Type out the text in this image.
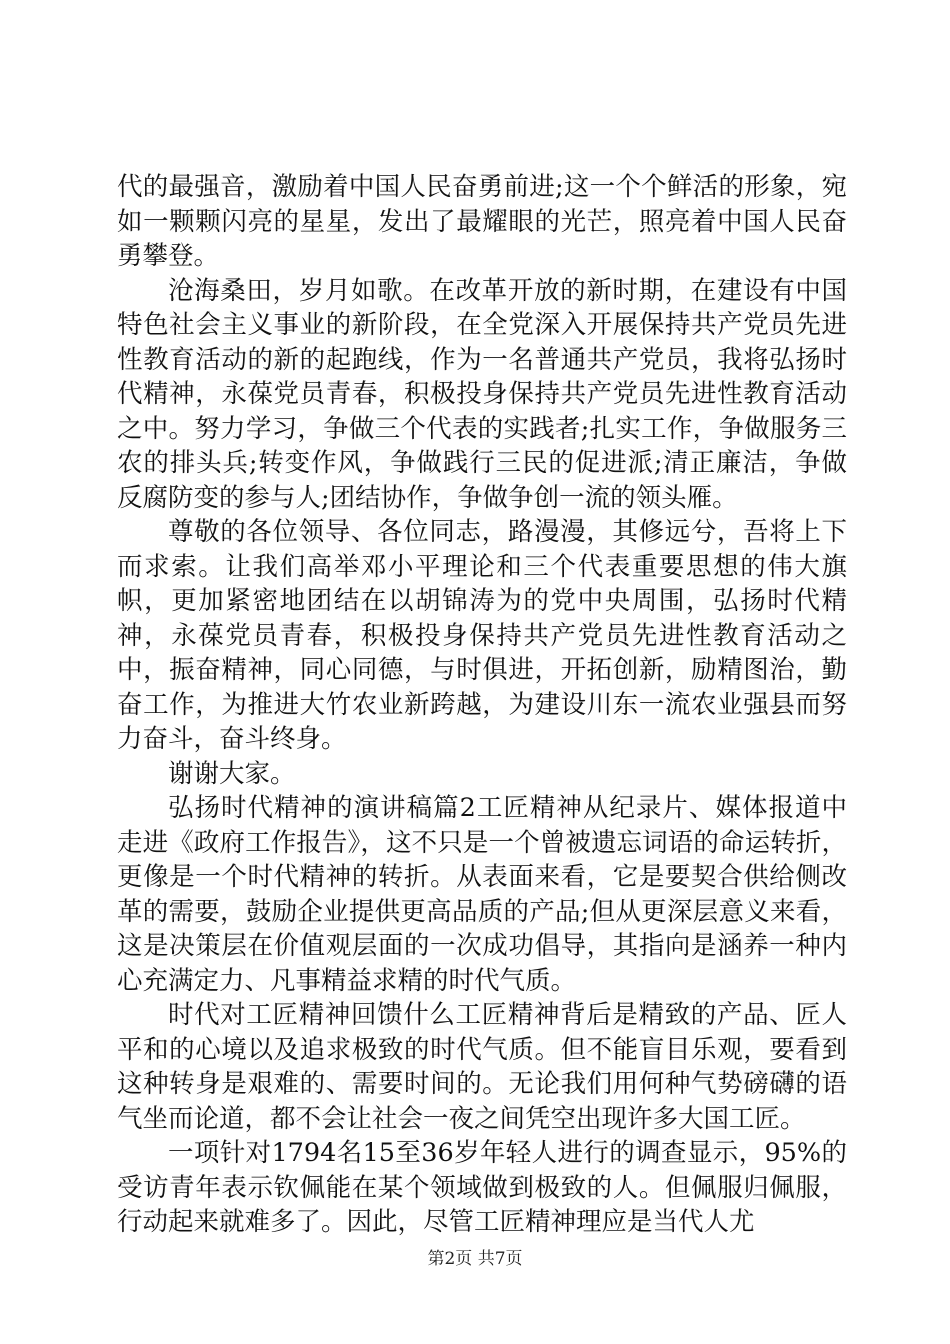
代的最强音，激励着中国人民奋勇前进;这一个个鲜活的形象，宛如一颗颗闪亮的星星，发出了最耀眼的光芒，照亮着中国人民奋勇攀登。

沧海桑田，岁月如歌。在改革开放的新时期，在建设有中国特色社会主义事业的新阶段，在全党深入开展保持共产党员先进性教育活动的新的起跑线，作为一名普通共产党员，我将弘扬时代精神，永葆党员青春，积极投身保持共产党员先进性教育活动之中。努力学习，争做三个代表的实践者;扎实工作，争做服务三农的排头兵;转变作风，争做践行三民的促进派;清正廉洁，争做反腐防变的参与人;团结协作，争做争创一流的领头雁。

尊敬的各位领导、各位同志，路漫漫，其修远兮，吾将上下而求索。让我们高举邓小平理论和三个代表重要思想的伟大旗帜，更加紧密地团结在以胡锦涛为的党中央周围，弘扬时代精神，永葆党员青春，积极投身保持共产党员先进性教育活动之中，振奋精神，同心同德，与时俱进，开拓创新，励精图治，勤奋工作，为推进大竹农业新跨越，为建设川东一流农业强县而努力奋斗，奋斗终身。

谢谢大家。

弘扬时代精神的演讲稿篇2工匠精神从纪录片、媒体报道中走进《政府工作报告》，这不只是一个曾被遗忘词语的命运转折，更像是一个时代精神的转折。从表面来看，它是要契合供给侧改革的需要，鼓励企业提供更高品质的产品;但从更深层意义来看，这是决策层在价值观层面的一次成功倡导，其指向是涵养一种内心充满定力、凡事精益求精的时代气质。

时代对工匠精神回馈什么工匠精神背后是精致的产品、匠人平和的心境以及追求极致的时代气质。但不能盲目乐观，要看到这种转身是艰难的、需要时间的。无论我们用何种气势磅礴的语气坐而论道，都不会让社会一夜之间凭空出现许多大国工匠。

一项针对1794名15至36岁年轻人进行的调查显示，95%的受访青年表示钦佩能在某个领域做到极致的人。但佩服归佩服，行动起来就难多了。因此，尽管工匠精神理应是当代人尤

第2页 共7页
